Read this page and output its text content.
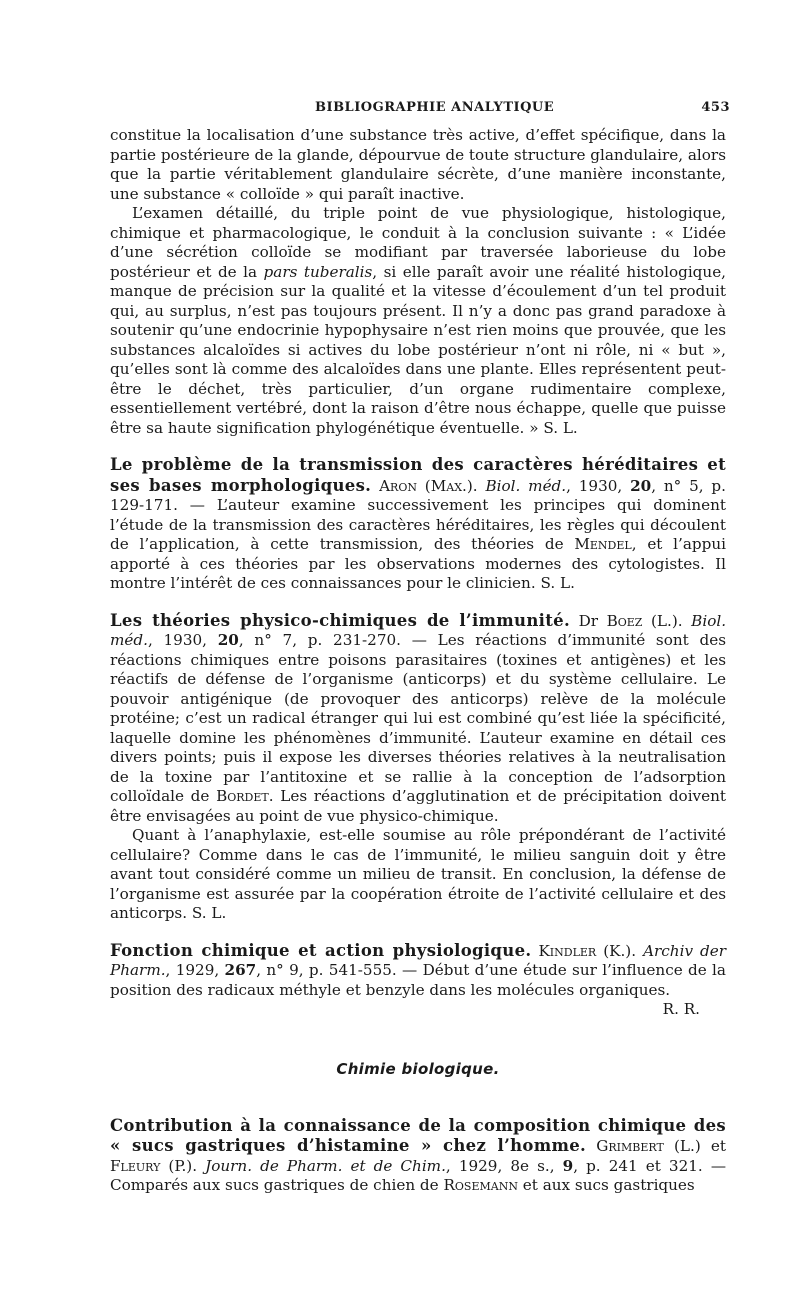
BIBLIOGRAPHIE ANALYTIQUE	453

constitue la localisation d’une substance très active, d’effet spécifique, dans la partie postérieure de la glande, dépourvue de toute structure glandulaire, alors que la partie véritablement glandulaire sécrète, d’une manière inconstante, une substance « colloïde » qui paraît inactive.

L’examen détaillé, du triple point de vue physiologique, histologique, chimique et pharmacologique, le conduit à la conclusion suivante : « L’idée d’une sécrétion colloïde se modifiant par traversée laborieuse du lobe postérieur et de la pars tuberalis, si elle paraît avoir une réalité histologique, manque de précision sur la qualité et la vitesse d’écoulement d’un tel produit qui, au surplus, n’est pas toujours présent. Il n’y a donc pas grand paradoxe à soutenir qu’une endocrinie hypophysaire n’est rien moins que prouvée, que les substances alcaloïdes si actives du lobe postérieur n’ont ni rôle, ni « but », qu’elles sont là comme des alcaloïdes dans une plante. Elles représentent peut-être le déchet, très particulier, d’un organe rudimentaire complexe, essentiellement vertébré, dont la raison d’être nous échappe, quelle que puisse être sa haute signification phylogénétique éventuelle. » S. L.

Le problème de la transmission des caractères héréditaires et ses bases morphologiques. Aron (Max.). Biol. méd., 1930, 20, n° 5, p. 129-171. — L’auteur examine successivement les principes qui dominent l’étude de la transmission des caractères héréditaires, les règles qui découlent de l’application, à cette transmission, des théories de Mendel, et l’appui apporté à ces théories par les observations modernes des cytologistes. Il montre l’intérêt de ces connaissances pour le clinicien. S. L.

Les théories physico-chimiques de l’immunité. Dr Boez (L.). Biol. méd., 1930, 20, n° 7, p. 231-270. — Les réactions d’immunité sont des réactions chimiques entre poisons parasitaires (toxines et antigènes) et les réactifs de défense de l’organisme (anticorps) et du système cellulaire. Le pouvoir antigénique (de provoquer des anticorps) relève de la molécule protéine; c’est un radical étranger qui lui est combiné qu’est liée la spécificité, laquelle domine les phénomènes d’immunité. L’auteur examine en détail ces divers points; puis il expose les diverses théories relatives à la neutralisation de la toxine par l’antitoxine et se rallie à la conception de l’adsorption colloïdale de Bordet. Les réactions d’agglutination et de précipitation doivent être envisagées au point de vue physico-chimique.

Quant à l’anaphylaxie, est-elle soumise au rôle prépondérant de l’activité cellulaire? Comme dans le cas de l’immunité, le milieu sanguin doit y être avant tout considéré comme un milieu de transit. En conclusion, la défense de l’organisme est assurée par la coopération étroite de l’activité cellulaire et des anticorps. S. L.

Fonction chimique et action physiologique. Kindler (K.). Archiv der Pharm., 1929, 267, n° 9, p. 541-555. — Début d’une étude sur l’influence de la position des radicaux méthyle et benzyle dans les molécules organiques.

R. R.

Chimie biologique.

Contribution à la connaissance de la composition chimique des « sucs gastriques d’histamine » chez l’homme. Grimbert (L.) et Fleury (P.). Journ. de Pharm. et de Chim., 1929, 8e s., 9, p. 241 et 321. — Comparés aux sucs gastriques de chien de Rosemann et aux sucs gastriques
